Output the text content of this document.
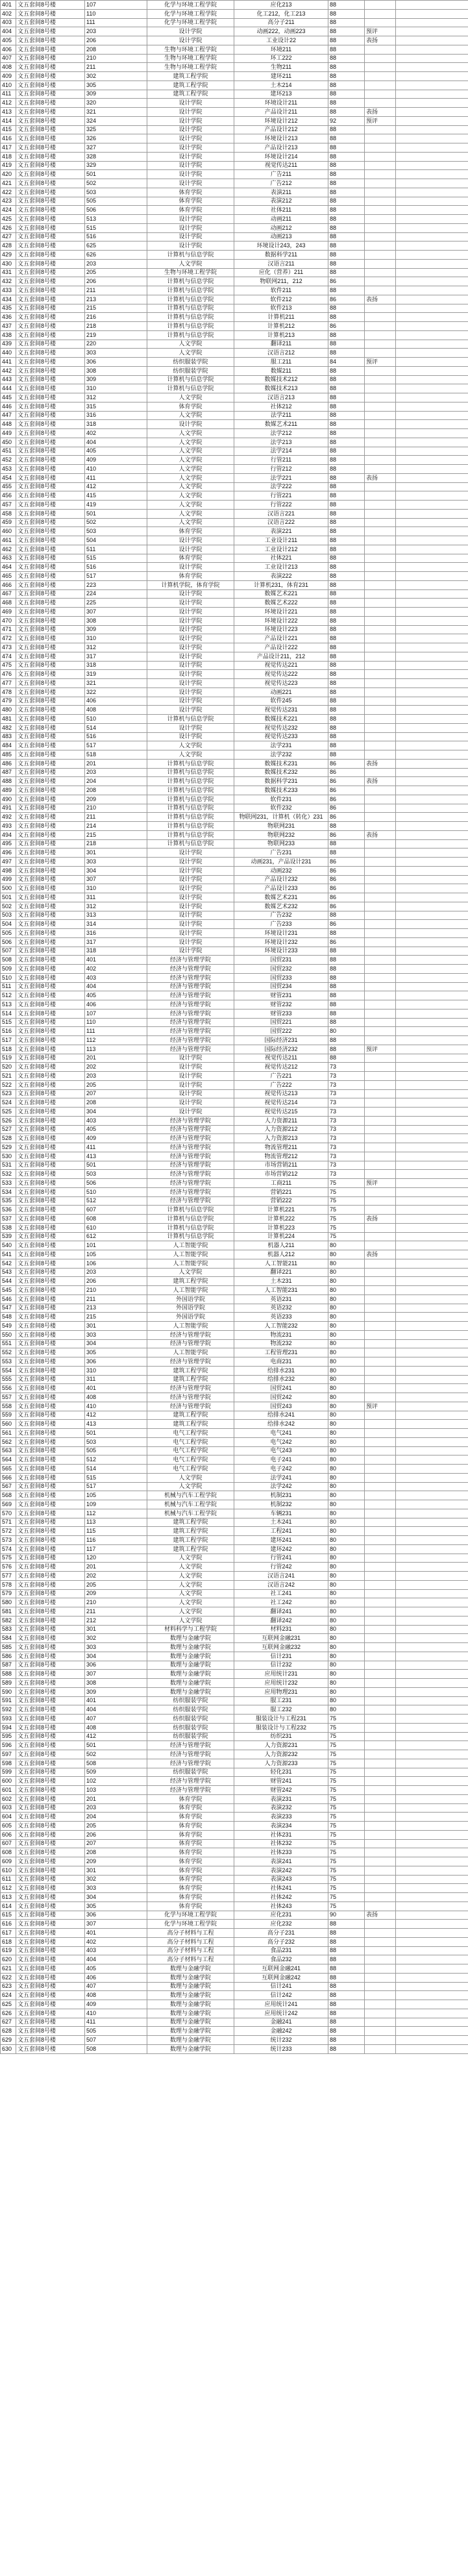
401	文五套间8号楼	107	化学与环境工程学院	应化213	88		
402	文五套间8号楼	110	化学与环境工程学院	化工212，化工213	88		
403	文五套间8号楼	111	化学与环境工程学院	高分子211	88		
404	文五套间8号楼	203	设计学院	动画222，动画223	88	预评	
405	文五套间8号楼	206	设计学院	工业设计22	88	表扬	
406	文五套间8号楼	208	生物与环境工程学院	环境211	88		
407	文五套间8号楼	210	生物与环境工程学院	环工222	88		
408	文五套间8号楼	211	生物与环境工程学院	生物211	88		
409	文五套间8号楼	302	建筑工程学院	建环211	88		
410	文五套间8号楼	305	建筑工程学院	土木214	88		
411	文五套间8号楼	309	建筑工程学院	建环213	88		
412	文五套间8号楼	320	设计学院	环境设计211	88		
413	文五套间8号楼	321	设计学院	产品设计211	88	表扬	
414	文五套间8号楼	324	设计学院	环境设计212	92	预评	
415	文五套间8号楼	325	设计学院	产品设计212	88		
416	文五套间8号楼	326	设计学院	环境设计213	88		
417	文五套间8号楼	327	设计学院	产品设计213	88		
418	文五套间8号楼	328	设计学院	环境设计214	88		
419	文五套间8号楼	329	设计学院	视觉传达211	88		
420	文五套间8号楼	501	设计学院	广告211	88		
421	文五套间8号楼	502	设计学院	广告212	88		
422	文五套间8号楼	503	体育学院	表演211	88		
423	文五套间8号楼	505	体育学院	表演212	88		
424	文五套间8号楼	506	体育学院	社体211	88		
425	文五套间8号楼	513	设计学院	动画211	88		
426	文五套间8号楼	515	设计学院	动画212	88		
427	文五套间8号楼	516	设计学院	动画213	88		
428	文五套间8号楼	625	设计学院	环境设计243，243	88		
429	文五套间8号楼	626	计算机与信息学院	数据科学211	88		
430	文五套间8号楼	203	人文学院	汉语言211	88		
431	文五套间8号楼	205	生物与环境工程学院	应化（营养）211	88		
432	文五套间8号楼	206	计算机与信息学院	物联网211，212	86		
433	文五套间8号楼	211	计算机与信息学院	软件211	88		
434	文五套间8号楼	213	计算机与信息学院	软件212	86	表扬	
435	文五套间8号楼	215	计算机与信息学院	软件213	88		
436	文五套间8号楼	216	计算机与信息学院	计算机211	88		
437	文五套间8号楼	218	计算机与信息学院	计算机212	86		
438	文五套间8号楼	219	计算机与信息学院	计算机213	88		
439	文五套间8号楼	220	人文学院	翻译211	88		
440	文五套间8号楼	303	人文学院	汉语言212	88		
441	文五套间8号楼	306	纺织服装学院	服工211	84	预评	
442	文五套间8号楼	308	纺织服装学院	数媒211	88		
443	文五套间8号楼	309	计算机与信息学院	数媒技术212	88		
444	文五套间8号楼	310	计算机与信息学院	数媒技术213	88		
445	文五套间8号楼	312	人文学院	汉语言213	88		
446	文五套间8号楼	315	体育学院	社体212	88		
447	文五套间8号楼	316	人文学院	法学211	88		
448	文五套间8号楼	318	设计学院	数媒艺术211	88		
449	文五套间8号楼	402	人文学院	法学212	88		
450	文五套间8号楼	404	人文学院	法学213	88		
451	文五套间8号楼	405	人文学院	法学214	88		
452	文五套间8号楼	409	人文学院	行管211	88		
453	文五套间8号楼	410	人文学院	行管212	88		
454	文五套间8号楼	411	人文学院	法学221	88	表扬	
455	文五套间8号楼	412	人文学院	法学222	88		
456	文五套间8号楼	415	人文学院	行管221	88		
457	文五套间8号楼	419	人文学院	行管222	88		
458	文五套间8号楼	501	人文学院	汉语言221	88		
459	文五套间8号楼	502	人文学院	汉语言222	88		
460	文五套间8号楼	503	体育学院	表演221	88		
461	文五套间8号楼	504	设计学院	工业设计211	88		
462	文五套间8号楼	511	设计学院	工业设计212	88		
463	文五套间8号楼	515	体育学院	社体221	88		
464	文五套间8号楼	516	设计学院	工业设计213	88		
465	文五套间8号楼	517	体育学院	表演222	88		
466	文五套间8号楼	223	计算机学院，体育学院	计算机231，体育231	88		
467	文五套间8号楼	224	设计学院	数媒艺术221	88		
468	文五套间8号楼	225	设计学院	数媒艺术222	88		
469	文五套间8号楼	307	设计学院	环境设计221	88		
470	文五套间8号楼	308	设计学院	环境设计222	88		
471	文五套间8号楼	309	设计学院	环境设计223	88		
472	文五套间8号楼	310	设计学院	产品设计221	88		
473	文五套间8号楼	312	设计学院	产品设计222	88		
474	文五套间8号楼	317	设计学院	产品设计211，212	88		
475	文五套间8号楼	318	设计学院	视觉传达221	88		
476	文五套间8号楼	319	设计学院	视觉传达222	88		
477	文五套间8号楼	321	设计学院	视觉传达223	88		
478	文五套间8号楼	322	设计学院	动画221	88		
479	文五套间8号楼	406	设计学院	软件245	88		
480	文五套间8号楼	408	设计学院	视觉传达231	88		
481	文五套间8号楼	510	计算机与信息学院	数媒技术221	88		
482	文五套间8号楼	514	设计学院	视觉传达232	88		
483	文五套间8号楼	516	设计学院	视觉传达233	88		
484	文五套间8号楼	517	人文学院	法学231	88		
485	文五套间8号楼	518	人文学院	法学232	88		
486	文五套间8号楼	201	计算机与信息学院	数媒技术231	86	表扬	
487	文五套间8号楼	203	计算机与信息学院	数媒技术232	86		
488	文五套间8号楼	204	计算机与信息学院	数据科学231	86	表扬	
489	文五套间8号楼	208	计算机与信息学院	数媒技术233	86		
490	文五套间8号楼	209	计算机与信息学院	软件231	86		
491	文五套间8号楼	210	计算机与信息学院	软件232	86		
492	文五套间8号楼	211	计算机与信息学院	物联网231，计算机（转化）231	86		
493	文五套间8号楼	214	计算机与信息学院	物联网231	88		
494	文五套间8号楼	215	计算机与信息学院	物联网232	86	表扬	
495	文五套间8号楼	218	计算机与信息学院	物联网233	88		
496	文五套间8号楼	301	设计学院	广告231	88		
497	文五套间8号楼	303	设计学院	动画231，产品设计231	86		
498	文五套间8号楼	304	设计学院	动画232	86		
499	文五套间8号楼	307	设计学院	产品设计232	86		
500	文五套间8号楼	310	设计学院	产品设计233	86		
501	文五套间8号楼	311	设计学院	数媒艺术231	86		
502	文五套间8号楼	312	设计学院	数媒艺术232	86		
503	文五套间8号楼	313	设计学院	广告232	88		
504	文五套间8号楼	314	设计学院	广告233	86		
505	文五套间8号楼	316	设计学院	环境设计231	88		
506	文五套间8号楼	317	设计学院	环境设计232	86		
507	文五套间8号楼	318	设计学院	环境设计233	88		
508	文五套间8号楼	401	经济与管理学院	国贸231	88		
509	文五套间8号楼	402	经济与管理学院	国贸232	88		
510	文五套间8号楼	403	经济与管理学院	国贸233	88		
511	文五套间8号楼	404	经济与管理学院	国贸234	88		
512	文五套间8号楼	405	经济与管理学院	财管231	88		
513	文五套间8号楼	406	经济与管理学院	财管232	88		
514	文五套间8号楼	107	经济与管理学院	财管233	88		
515	文五套间8号楼	110	经济与管理学院	国贸221	88		
516	文五套间8号楼	111	经济与管理学院	国贸222	80		
517	文五套间8号楼	112	经济与管理学院	国际经济231	88		
518	文五套间8号楼	113	经济与管理学院	国际经济232	88	预评	
519	文五套间8号楼	201	设计学院	视觉传达211	88		
520	文五套间8号楼	202	设计学院	视觉传达212	73		
521	文五套间8号楼	203	设计学院	广告221	73		
522	文五套间8号楼	205	设计学院	广告222	73		
523	文五套间8号楼	207	设计学院	视觉传达213	73		
524	文五套间8号楼	208	设计学院	视觉传达214	73		
525	文五套间8号楼	304	设计学院	视觉传达215	73		
526	文五套间8号楼	403	经济与管理学院	人力资源211	73		
527	文五套间8号楼	405	经济与管理学院	人力资源212	73		
528	文五套间8号楼	409	经济与管理学院	人力资源213	73		
529	文五套间8号楼	411	经济与管理学院	物流管理211	73		
530	文五套间8号楼	413	经济与管理学院	物流管理212	73		
531	文五套间8号楼	501	经济与管理学院	市场营销211	73		
532	文五套间8号楼	503	经济与管理学院	市场营销212	73		
533	文五套间8号楼	506	经济与管理学院	工商211	75	预评	
534	文五套间8号楼	510	经济与管理学院	营销221	75		
535	文五套间8号楼	512	经济与管理学院	营销222	75		
536	文五套间8号楼	607	计算机与信息学院	计算机221	75		
537	文五套间8号楼	608	计算机与信息学院	计算机222	75	表扬	
538	文五套间8号楼	610	计算机与信息学院	计算机223	75		
539	文五套间8号楼	612	计算机与信息学院	计算机224	75		
540	文五套间8号楼	101	人工智能学院	机器人211	80		
541	文五套间8号楼	105	人工智能学院	机器人212	80	表扬	
542	文五套间8号楼	106	人工智能学院	人工智能211	80		
543	文五套间8号楼	203	人文学院	翻译221	80		
544	文五套间8号楼	206	建筑工程学院	土木231	80		
545	文五套间8号楼	210	人工智能学院	人工智能231	80		
546	文五套间8号楼	211	外国语学院	英语231	80		
547	文五套间8号楼	213	外国语学院	英语232	80		
548	文五套间8号楼	215	外国语学院	英语233	80		
549	文五套间8号楼	301	人工智能学院	人工智能232	80		
550	文五套间8号楼	303	经济与管理学院	物流231	80		
551	文五套间8号楼	304	经济与管理学院	物流232	80		
552	文五套间8号楼	305	人工智能学院	工程管理231	80		
553	文五套间8号楼	306	经济与管理学院	电商231	80		
554	文五套间8号楼	310	建筑工程学院	给排水231	80		
555	文五套间8号楼	311	建筑工程学院	给排水232	80		
556	文五套间8号楼	401	经济与管理学院	国贸241	80		
557	文五套间8号楼	408	经济与管理学院	国贸242	80		
558	文五套间8号楼	410	经济与管理学院	国贸243	80	预评	
559	文五套间8号楼	412	建筑工程学院	给排水241	80		
560	文五套间8号楼	413	建筑工程学院	给排水242	80		
561	文五套间8号楼	501	电气工程学院	电气241	80		
562	文五套间8号楼	503	电气工程学院	电气242	80		
563	文五套间8号楼	505	电气工程学院	电气243	80		
564	文五套间8号楼	512	电气工程学院	电子241	80		
565	文五套间8号楼	514	电气工程学院	电子242	80		
566	文五套间8号楼	515	人文学院	法学241	80		
567	文五套间8号楼	517	人文学院	法学242	80		
568	文五套间8号楼	105	机械与汽车工程学院	机制231	80		
569	文五套间8号楼	109	机械与汽车工程学院	机制232	80		
570	文五套间8号楼	112	机械与汽车工程学院	车辆231	80		
571	文五套间8号楼	113	建筑工程学院	土木241	80		
572	文五套间8号楼	115	建筑工程学院	工程241	80		
573	文五套间8号楼	116	建筑工程学院	建环241	80		
574	文五套间8号楼	117	建筑工程学院	建环242	80		
575	文五套间8号楼	120	人文学院	行管241	80		
576	文五套间8号楼	201	人文学院	行管242	80		
577	文五套间8号楼	202	人文学院	汉语言241	80		
578	文五套间8号楼	205	人文学院	汉语言242	80		
579	文五套间8号楼	209	人文学院	社工241	80		
580	文五套间8号楼	210	人文学院	社工242	80		
581	文五套间8号楼	211	人文学院	翻译241	80		
582	文五套间8号楼	212	人文学院	翻译242	80		
583	文五套间8号楼	301	材料科学与工程学院	材料231	80		
584	文五套间8号楼	302	数理与金融学院	互联网金融231	80		
585	文五套间8号楼	303	数理与金融学院	互联网金融232	80		
586	文五套间8号楼	304	数理与金融学院	信计231	80		
587	文五套间8号楼	306	数理与金融学院	信计232	80		
588	文五套间8号楼	307	数理与金融学院	应用统计231	80		
589	文五套间8号楼	308	数理与金融学院	应用统计232	80		
590	文五套间8号楼	309	数理与金融学院	应用物理231	80		
591	文五套间8号楼	401	纺织服装学院	服工231	80		
592	文五套间8号楼	404	纺织服装学院	服工232	80		
593	文五套间8号楼	407	纺织服装学院	服装设计与工程231	75		
594	文五套间8号楼	408	纺织服装学院	服装设计与工程232	75		
595	文五套间8号楼	412	纺织服装学院	纺织231	75		
596	文五套间8号楼	501	经济与管理学院	人力资源231	75		
597	文五套间8号楼	502	经济与管理学院	人力资源232	75		
598	文五套间8号楼	508	经济与管理学院	人力资源233	75		
599	文五套间8号楼	509	纺织服装学院	轻化231	75		
600	文五套间8号楼	102	经济与管理学院	财管241	75		
601	文五套间8号楼	103	经济与管理学院	财管242	75		
602	文五套间8号楼	201	体育学院	表演231	75		
603	文五套间8号楼	203	体育学院	表演232	75		
604	文五套间8号楼	204	体育学院	表演233	75		
605	文五套间8号楼	205	体育学院	表演234	75		
606	文五套间8号楼	206	体育学院	社体231	75		
607	文五套间8号楼	207	体育学院	社体232	75		
608	文五套间8号楼	208	体育学院	社体233	75		
609	文五套间8号楼	209	体育学院	表演241	75		
610	文五套间8号楼	301	体育学院	表演242	75		
611	文五套间8号楼	302	体育学院	表演243	75		
612	文五套间8号楼	303	体育学院	社体241	75		
613	文五套间8号楼	304	体育学院	社体242	75		
614	文五套间8号楼	305	体育学院	社体243	75		
615	文五套间8号楼	306	化学与环境工程学院	应化231	90	表扬	
616	文五套间8号楼	307	化学与环境工程学院	应化232	88		
617	文五套间8号楼	401	高分子材料与工程	高分子231	88		
618	文五套间8号楼	402	高分子材料与工程	高分子232	88		
619	文五套间8号楼	403	高分子材料与工程	食品231	88		
620	文五套间8号楼	404	高分子材料与工程	食品232	88		
621	文五套间8号楼	405	数理与金融学院	互联网金融241	88		
622	文五套间8号楼	406	数理与金融学院	互联网金融242	88		
623	文五套间8号楼	407	数理与金融学院	信计241	88		
624	文五套间8号楼	408	数理与金融学院	信计242	88		
625	文五套间8号楼	409	数理与金融学院	应用统计241	88		
626	文五套间8号楼	410	数理与金融学院	应用统计242	88		
627	文五套间8号楼	411	数理与金融学院	金融241	88		
628	文五套间8号楼	505	数理与金融学院	金融242	88		
629	文五套间8号楼	507	数理与金融学院	统计232	88		
630	文五套间8号楼	508	数理与金融学院	统计233	88		
